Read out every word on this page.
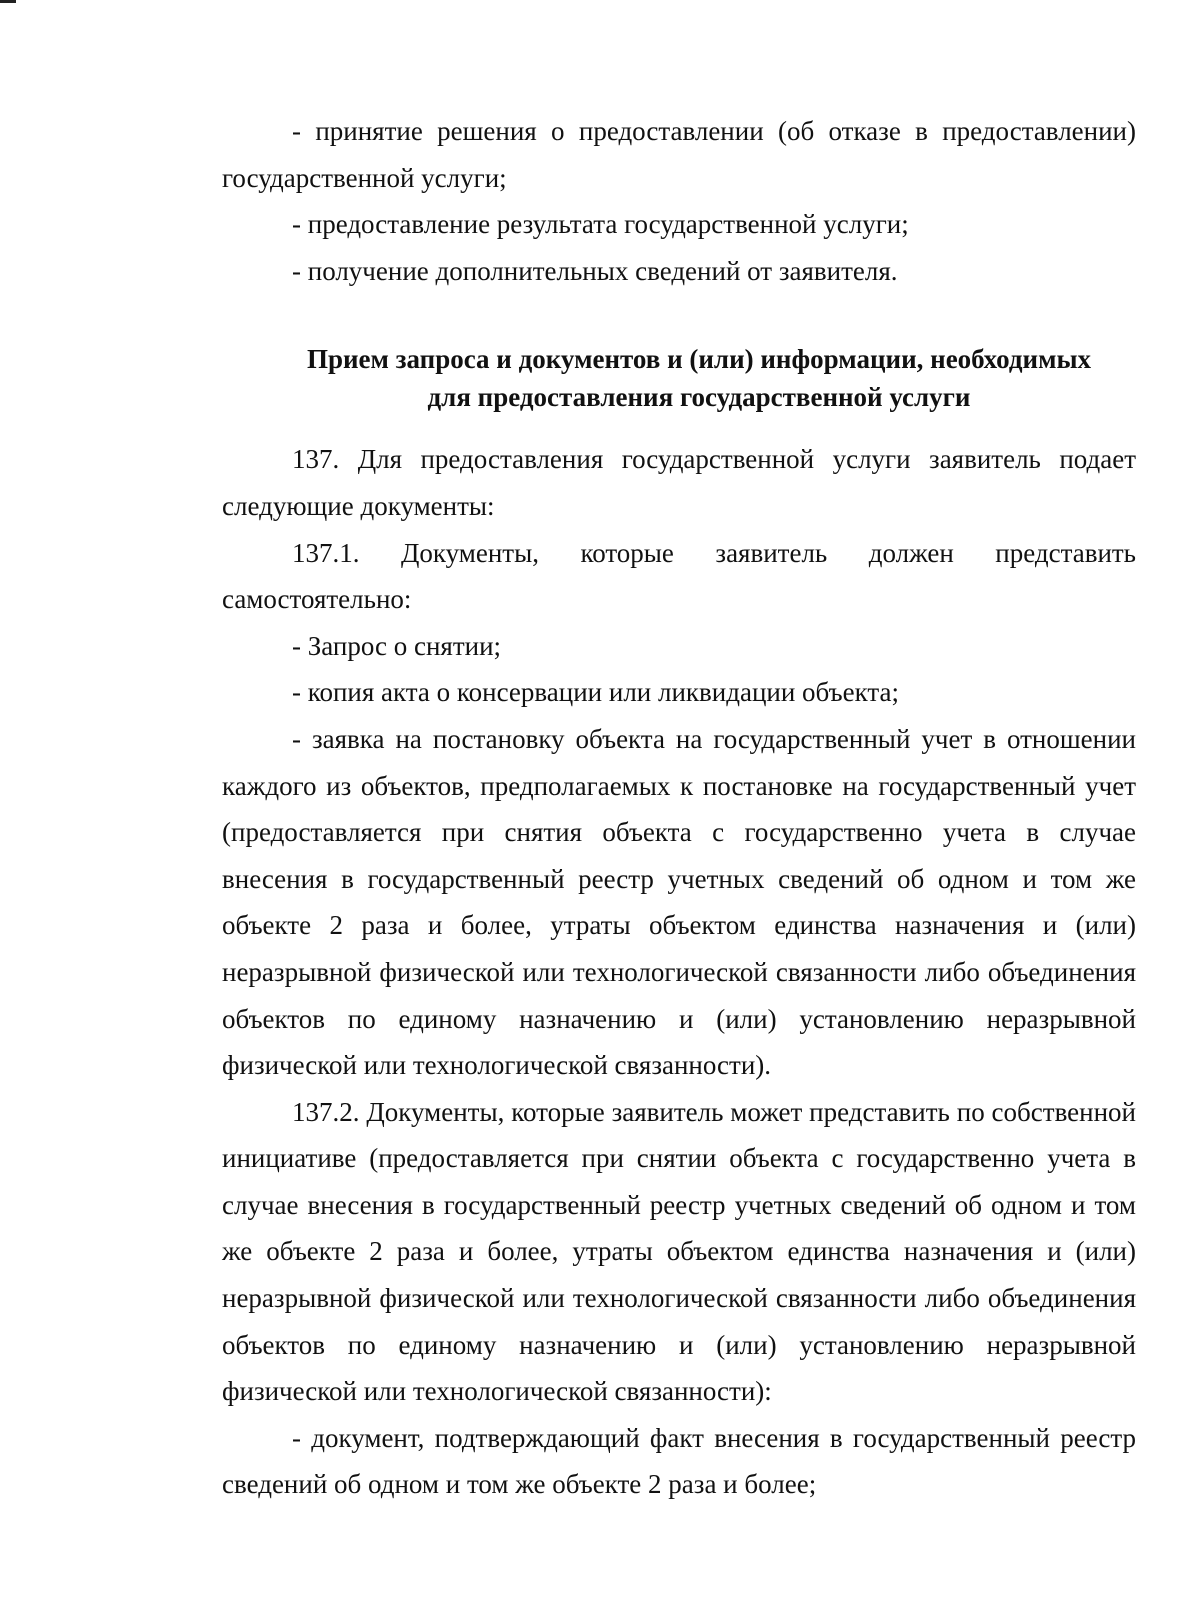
- принятие решения о предоставлении (об отказе в предоставлении) государственной услуги;

- предоставление результата государственной услуги;

- получение дополнительных сведений от заявителя.

Прием запроса и документов и (или) информации, необходимых
для предоставления государственной услуги

137. Для предоставления государственной услуги заявитель подает следующие документы:

137.1. Документы, которые заявитель должен представить самостоятельно:

- Запрос о снятии;

- копия акта о консервации или ликвидации объекта;

- заявка на постановку объекта на государственный учет в отношении каждого из объектов, предполагаемых к постановке на государственный учет (предоставляется при снятия объекта с государственно учета в случае внесения в государственный реестр учетных сведений об одном и том же объекте 2 раза и более, утраты объектом единства назначения и (или) неразрывной физической или технологической связанности либо объединения объектов по единому назначению и (или) установлению неразрывной физической или технологической связанности).

137.2. Документы, которые заявитель может представить по собственной инициативе (предоставляется при снятии объекта с государственно учета в случае внесения в государственный реестр учетных сведений об одном и том же объекте 2 раза и более, утраты объектом единства назначения и (или) неразрывной физической или технологической связанности либо объединения объектов по единому назначению и (или) установлению неразрывной физической или технологической связанности):

- документ, подтверждающий факт внесения в государственный реестр сведений об одном и том же объекте 2 раза и более;
